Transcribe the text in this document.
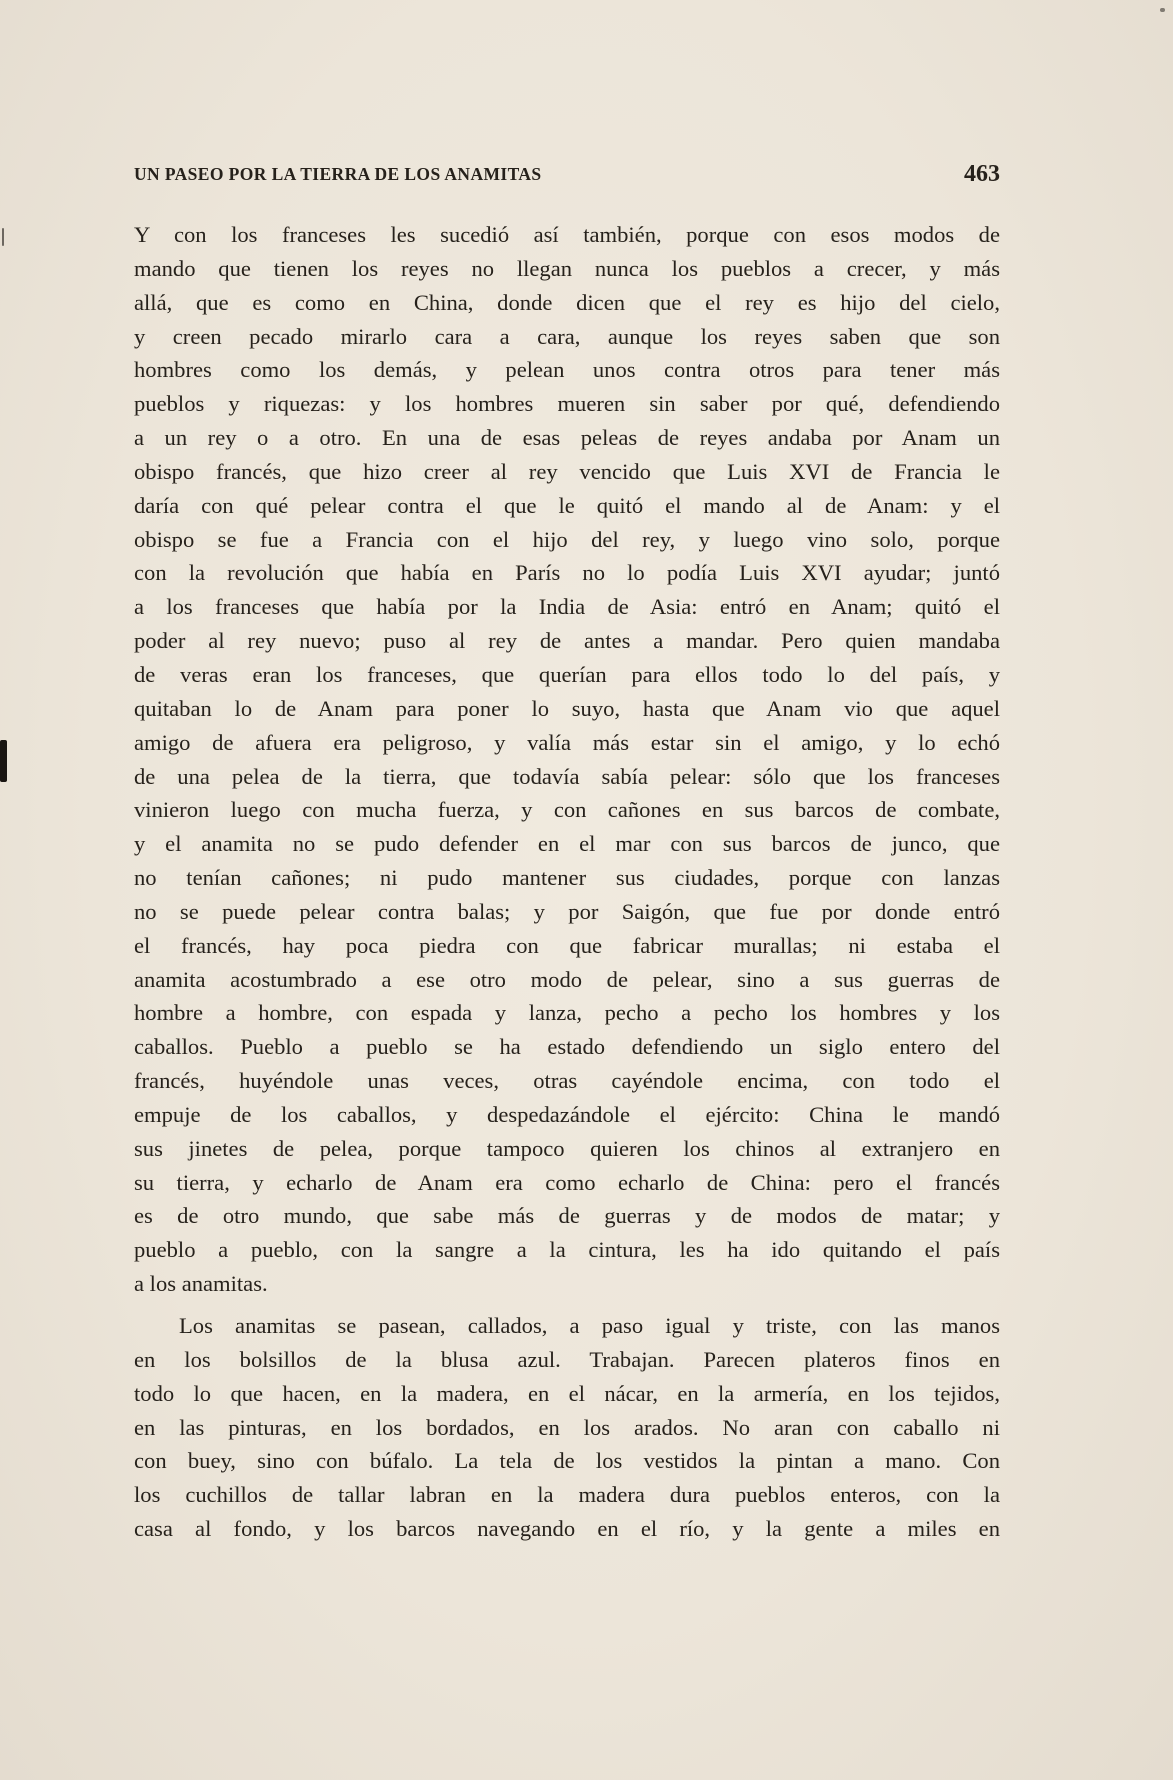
UN PASEO POR LA TIERRA DE LOS ANAMITAS	463
Y con los franceses les sucedió así también, porque con esos modos de
mando que tienen los reyes no llegan nunca los pueblos a crecer, y más
allá, que es como en China, donde dicen que el rey es hijo del cielo,
y creen pecado mirarlo cara a cara, aunque los reyes saben que son
hombres como los demás, y pelean unos contra otros para tener más
pueblos y riquezas: y los hombres mueren sin saber por qué, defendiendo
a un rey o a otro. En una de esas peleas de reyes andaba por Anam un
obispo francés, que hizo creer al rey vencido que Luis XVI de Francia le
daría con qué pelear contra el que le quitó el mando al de Anam: y el
obispo se fue a Francia con el hijo del rey, y luego vino solo, porque
con la revolución que había en París no lo podía Luis XVI ayudar; juntó
a los franceses que había por la India de Asia: entró en Anam; quitó el
poder al rey nuevo; puso al rey de antes a mandar. Pero quien mandaba
de veras eran los franceses, que querían para ellos todo lo del país, y
quitaban lo de Anam para poner lo suyo, hasta que Anam vio que aquel
amigo de afuera era peligroso, y valía más estar sin el amigo, y lo echó
de una pelea de la tierra, que todavía sabía pelear: sólo que los franceses
vinieron luego con mucha fuerza, y con cañones en sus barcos de combate,
y el anamita no se pudo defender en el mar con sus barcos de junco, que
no tenían cañones; ni pudo mantener sus ciudades, porque con lanzas
no se puede pelear contra balas; y por Saigón, que fue por donde entró
el francés, hay poca piedra con que fabricar murallas; ni estaba el
anamita acostumbrado a ese otro modo de pelear, sino a sus guerras de
hombre a hombre, con espada y lanza, pecho a pecho los hombres y los
caballos. Pueblo a pueblo se ha estado defendiendo un siglo entero del
francés, huyéndole unas veces, otras cayéndole encima, con todo el
empuje de los caballos, y despedazándole el ejército: China le mandó
sus jinetes de pelea, porque tampoco quieren los chinos al extranjero en
su tierra, y echarlo de Anam era como echarlo de China: pero el francés
es de otro mundo, que sabe más de guerras y de modos de matar; y
pueblo a pueblo, con la sangre a la cintura, les ha ido quitando el país
a los anamitas.
Los anamitas se pasean, callados, a paso igual y triste, con las manos
en los bolsillos de la blusa azul. Trabajan. Parecen plateros finos en
todo lo que hacen, en la madera, en el nácar, en la armería, en los tejidos,
en las pinturas, en los bordados, en los arados. No aran con caballo ni
con buey, sino con búfalo. La tela de los vestidos la pintan a mano. Con
los cuchillos de tallar labran en la madera dura pueblos enteros, con la
casa al fondo, y los barcos navegando en el río, y la gente a miles en
